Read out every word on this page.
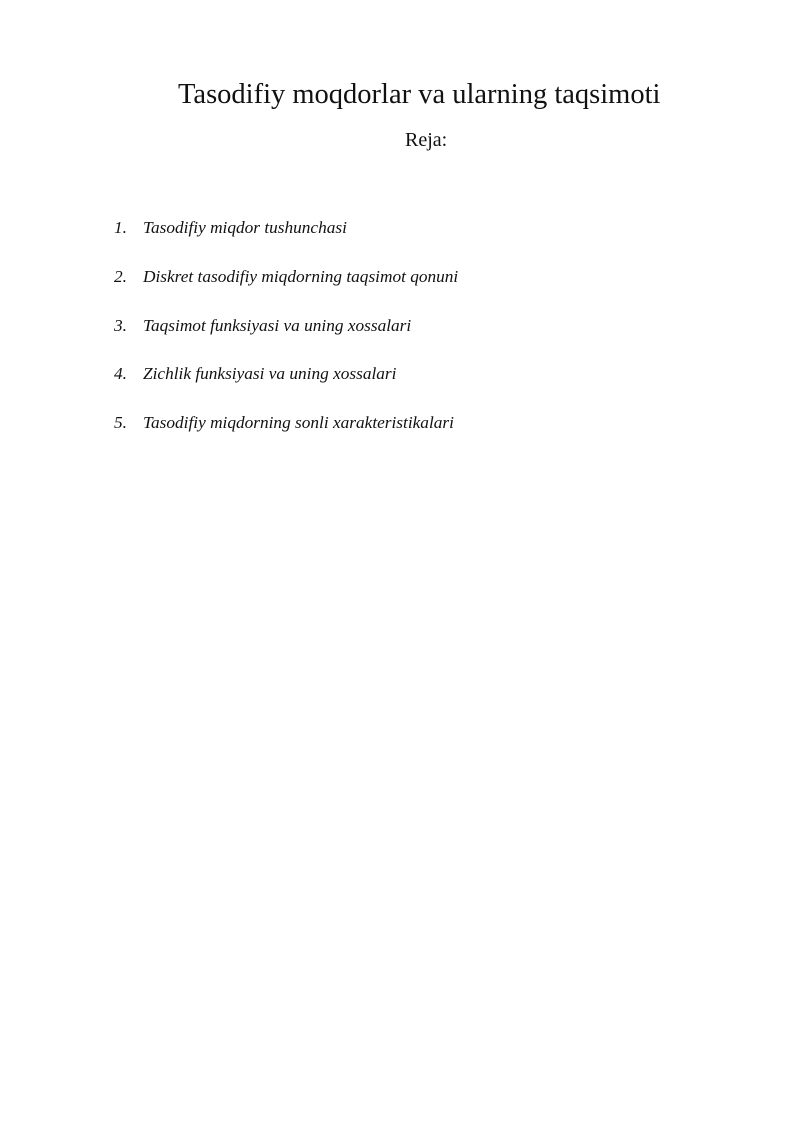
Tasodifiy moqdorlar va ularning taqsimoti

Reja:

1. Tasodifiy miqdor tushunchasi
2. Diskret tasodifiy miqdorning taqsimot qonuni
3. Taqsimot funksiyasi va uning xossalari
4. Zichlik funksiyasi va uning xossalari
5. Tasodifiy miqdorning sonli xarakteristikalari
